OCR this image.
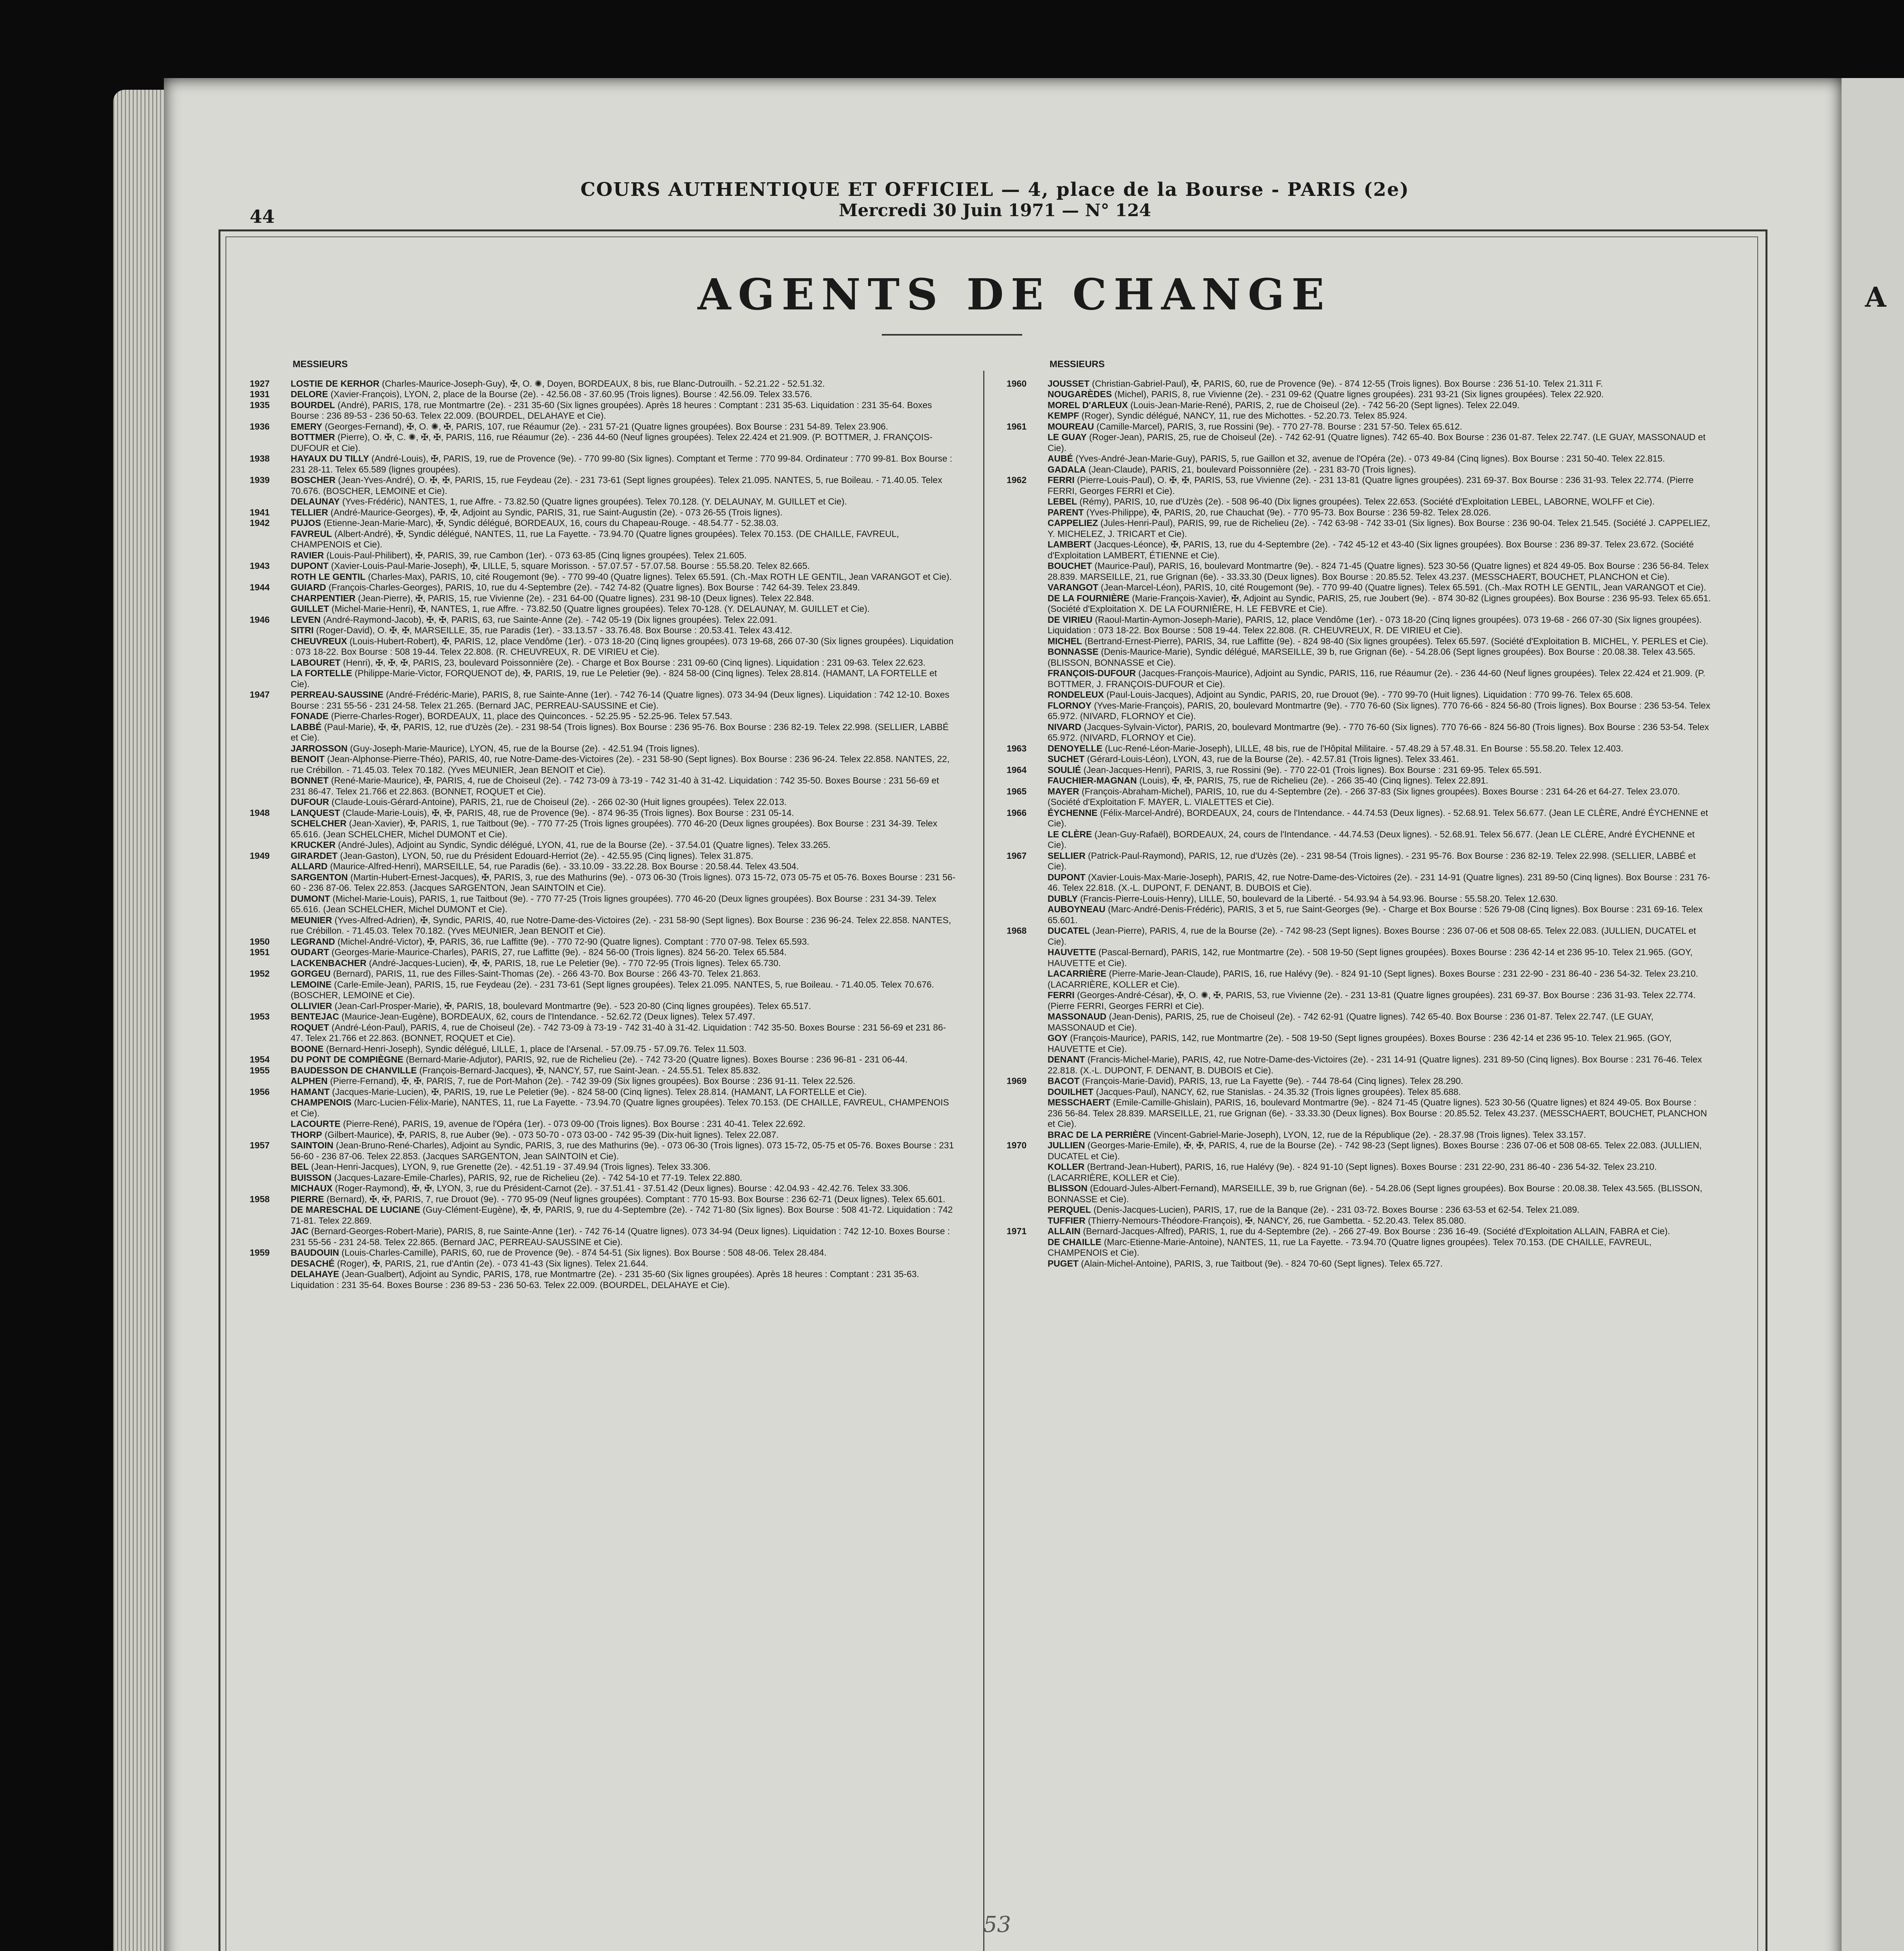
A
44
COURS AUTHENTIQUE ET OFFICIEL — 4, place de la Bourse - PARIS (2e)
Mercredi 30 Juin 1971 — N° 124
AGENTS DE CHANGE
MESSIEURS
1927	LOSTIE DE KERHOR (Charles-Maurice-Joseph-Guy), ✠, O. ✺, Doyen, BORDEAUX, 8 bis, rue Blanc-Dutrouilh. - 52.21.22 - 52.51.32.
1931	DELORE (Xavier-François), LYON, 2, place de la Bourse (2e). - 42.56.08 - 37.60.95 (Trois lignes). Bourse : 42.56.09. Telex 33.576.
1935	BOURDEL (André), PARIS, 178, rue Montmartre (2e). - 231 35-60 (Six lignes groupées). Après 18 heures : Comptant : 231 35-63. Liquidation : 231 35-64. Boxes Bourse : 236 89-53 - 236 50-63. Telex 22.009. (BOURDEL, DELAHAYE et Cie).
1936	EMERY (Georges-Fernand), ✠, O. ✺, ✠, PARIS, 107, rue Réaumur (2e). - 231 57-21 (Quatre lignes groupées). Box Bourse : 231 54-89. Telex 23.906.
BOTTMER (Pierre), O. ✠, C. ✺, ✠, ✠, PARIS, 116, rue Réaumur (2e). - 236 44-60 (Neuf lignes groupées). Telex 22.424 et 21.909. (P. BOTTMER, J. FRANÇOIS-DUFOUR et Cie).
1938	HAYAUX DU TILLY (André-Louis), ✠, PARIS, 19, rue de Provence (9e). - 770 99-80 (Six lignes). Comptant et Terme : 770 99-84. Ordinateur : 770 99-81. Box Bourse : 231 28-11. Telex 65.589 (lignes groupées).
1939	BOSCHER (Jean-Yves-André), O. ✠, ✠, PARIS, 15, rue Feydeau (2e). - 231 73-61 (Sept lignes groupées). Telex 21.095. NANTES, 5, rue Boileau. - 71.40.05. Telex 70.676. (BOSCHER, LEMOINE et Cie).
DELAUNAY (Yves-Frédéric), NANTES, 1, rue Affre. - 73.82.50 (Quatre lignes groupées). Telex 70.128. (Y. DELAUNAY, M. GUILLET et Cie).
1941	TELLIER (André-Maurice-Georges), ✠, ✠, Adjoint au Syndic, PARIS, 31, rue Saint-Augustin (2e). - 073 26-55 (Trois lignes).
1942	PUJOS (Etienne-Jean-Marie-Marc), ✠, Syndic délégué, BORDEAUX, 16, cours du Chapeau-Rouge. - 48.54.77 - 52.38.03.
FAVREUL (Albert-André), ✠, Syndic délégué, NANTES, 11, rue La Fayette. - 73.94.70 (Quatre lignes groupées). Telex 70.153. (DE CHAILLE, FAVREUL, CHAMPENOIS et Cie).
RAVIER (Louis-Paul-Philibert), ✠, PARIS, 39, rue Cambon (1er). - 073 63-85 (Cinq lignes groupées). Telex 21.605.
1943	DUPONT (Xavier-Louis-Paul-Marie-Joseph), ✠, LILLE, 5, square Morisson. - 57.07.57 - 57.07.58. Bourse : 55.58.20. Telex 82.665.
ROTH LE GENTIL (Charles-Max), PARIS, 10, cité Rougemont (9e). - 770 99-40 (Quatre lignes). Telex 65.591. (Ch.-Max ROTH LE GENTIL, Jean VARANGOT et Cie).
1944	GUIARD (François-Charles-Georges), PARIS, 10, rue du 4-Septembre (2e). - 742 74-82 (Quatre lignes). Box Bourse : 742 64-39. Telex 23.849.
CHARPENTIER (Jean-Pierre), ✠, PARIS, 15, rue Vivienne (2e). - 231 64-00 (Quatre lignes). 231 98-10 (Deux lignes). Telex 22.848.
GUILLET (Michel-Marie-Henri), ✠, NANTES, 1, rue Affre. - 73.82.50 (Quatre lignes groupées). Telex 70-128. (Y. DELAUNAY, M. GUILLET et Cie).
1946	LEVEN (André-Raymond-Jacob), ✠, ✠, PARIS, 63, rue Sainte-Anne (2e). - 742 05-19 (Dix lignes groupées). Telex 22.091.
SITRI (Roger-David), O. ✠, ✠, MARSEILLE, 35, rue Paradis (1er). - 33.13.57 - 33.76.48. Box Bourse : 20.53.41. Telex 43.412.
CHEUVREUX (Louis-Hubert-Robert), ✠, PARIS, 12, place Vendôme (1er). - 073 18-20 (Cinq lignes groupées). 073 19-68, 266 07-30 (Six lignes groupées). Liquidation : 073 18-22. Box Bourse : 508 19-44. Telex 22.808. (R. CHEUVREUX, R. DE VIRIEU et Cie).
LABOURET (Henri), ✠, ✠, ✠, PARIS, 23, boulevard Poissonnière (2e). - Charge et Box Bourse : 231 09-60 (Cinq lignes). Liquidation : 231 09-63. Telex 22.623.
LA FORTELLE (Philippe-Marie-Victor, FORQUENOT de), ✠, PARIS, 19, rue Le Peletier (9e). - 824 58-00 (Cinq lignes). Telex 28.814. (HAMANT, LA FORTELLE et Cie).
1947	PERREAU-SAUSSINE (André-Frédéric-Marie), PARIS, 8, rue Sainte-Anne (1er). - 742 76-14 (Quatre lignes). 073 34-94 (Deux lignes). Liquidation : 742 12-10. Boxes Bourse : 231 55-56 - 231 24-58. Telex 21.265. (Bernard JAC, PERREAU-SAUSSINE et Cie).
FONADE (Pierre-Charles-Roger), BORDEAUX, 11, place des Quinconces. - 52.25.95 - 52.25-96. Telex 57.543.
LABBÉ (Paul-Marie), ✠, ✠, PARIS, 12, rue d'Uzès (2e). - 231 98-54 (Trois lignes). Box Bourse : 236 95-76. Box Bourse : 236 82-19. Telex 22.998. (SELLIER, LABBÉ et Cie).
JARROSSON (Guy-Joseph-Marie-Maurice), LYON, 45, rue de la Bourse (2e). - 42.51.94 (Trois lignes).
BENOIT (Jean-Alphonse-Pierre-Théo), PARIS, 40, rue Notre-Dame-des-Victoires (2e). - 231 58-90 (Sept lignes). Box Bourse : 236 96-24. Telex 22.858. NANTES, 22, rue Crébillon. - 71.45.03. Telex 70.182. (Yves MEUNIER, Jean BENOIT et Cie).
BONNET (René-Marie-Maurice), ✠, PARIS, 4, rue de Choiseul (2e). - 742 73-09 à 73-19 - 742 31-40 à 31-42. Liquidation : 742 35-50. Boxes Bourse : 231 56-69 et 231 86-47. Telex 21.766 et 22.863. (BONNET, ROQUET et Cie).
DUFOUR (Claude-Louis-Gérard-Antoine), PARIS, 21, rue de Choiseul (2e). - 266 02-30 (Huit lignes groupées). Telex 22.013.
1948	LANQUEST (Claude-Marie-Louis), ✠, ✠, PARIS, 48, rue de Provence (9e). - 874 96-35 (Trois lignes). Box Bourse : 231 05-14.
SCHELCHER (Jean-Xavier), ✠, PARIS, 1, rue Taitbout (9e). - 770 77-25 (Trois lignes groupées). 770 46-20 (Deux lignes groupées). Box Bourse : 231 34-39. Telex 65.616. (Jean SCHELCHER, Michel DUMONT et Cie).
KRUCKER (André-Jules), Adjoint au Syndic, Syndic délégué, LYON, 41, rue de la Bourse (2e). - 37.54.01 (Quatre lignes). Telex 33.265.
1949	GIRARDET (Jean-Gaston), LYON, 50, rue du Président Edouard-Herriot (2e). - 42.55.95 (Cinq lignes). Telex 31.875.
ALLARD (Maurice-Alfred-Henri), MARSEILLE, 54, rue Paradis (6e). - 33.10.09 - 33.22.28. Box Bourse : 20.58.44. Telex 43.504.
SARGENTON (Martin-Hubert-Ernest-Jacques), ✠, PARIS, 3, rue des Mathurins (9e). - 073 06-30 (Trois lignes). 073 15-72, 073 05-75 et 05-76. Boxes Bourse : 231 56-60 - 236 87-06. Telex 22.853. (Jacques SARGENTON, Jean SAINTOIN et Cie).
DUMONT (Michel-Marie-Louis), PARIS, 1, rue Taitbout (9e). - 770 77-25 (Trois lignes groupées). 770 46-20 (Deux lignes groupées). Box Bourse : 231 34-39. Telex 65.616. (Jean SCHELCHER, Michel DUMONT et Cie).
MEUNIER (Yves-Alfred-Adrien), ✠, Syndic, PARIS, 40, rue Notre-Dame-des-Victoires (2e). - 231 58-90 (Sept lignes). Box Bourse : 236 96-24. Telex 22.858. NANTES, rue Crébillon. - 71.45.03. Telex 70.182. (Yves MEUNIER, Jean BENOIT et Cie).
1950	LEGRAND (Michel-André-Victor), ✠, PARIS, 36, rue Laffitte (9e). - 770 72-90 (Quatre lignes). Comptant : 770 07-98. Telex 65.593.
1951	OUDART (Georges-Marie-Maurice-Charles), PARIS, 27, rue Laffitte (9e). - 824 56-00 (Trois lignes). 824 56-20. Telex 65.584.
LACKENBACHER (André-Jacques-Lucien), ✠, ✠, PARIS, 18, rue Le Peletier (9e). - 770 72-95 (Trois lignes). Telex 65.730.
1952	GORGEU (Bernard), PARIS, 11, rue des Filles-Saint-Thomas (2e). - 266 43-70. Box Bourse : 266 43-70. Telex 21.863.
LEMOINE (Carle-Emile-Jean), PARIS, 15, rue Feydeau (2e). - 231 73-61 (Sept lignes groupées). Telex 21.095. NANTES, 5, rue Boileau. - 71.40.05. Telex 70.676. (BOSCHER, LEMOINE et Cie).
OLLIVIER (Jean-Carl-Prosper-Marie), ✠, PARIS, 18, boulevard Montmartre (9e). - 523 20-80 (Cinq lignes groupées). Telex 65.517.
1953	BENTEJAC (Maurice-Jean-Eugène), BORDEAUX, 62, cours de l'Intendance. - 52.62.72 (Deux lignes). Telex 57.497.
ROQUET (André-Léon-Paul), PARIS, 4, rue de Choiseul (2e). - 742 73-09 à 73-19 - 742 31-40 à 31-42. Liquidation : 742 35-50. Boxes Bourse : 231 56-69 et 231 86-47. Telex 21.766 et 22.863. (BONNET, ROQUET et Cie).
BOONE (Bernard-Henri-Joseph), Syndic délégué, LILLE, 1, place de l'Arsenal. - 57.09.75 - 57.09.76. Telex 11.503.
1954	DU PONT DE COMPIÈGNE (Bernard-Marie-Adjutor), PARIS, 92, rue de Richelieu (2e). - 742 73-20 (Quatre lignes). Boxes Bourse : 236 96-81 - 231 06-44.
1955	BAUDESSON DE CHANVILLE (François-Bernard-Jacques), ✠, NANCY, 57, rue Saint-Jean. - 24.55.51. Telex 85.832.
ALPHEN (Pierre-Fernand), ✠, ✠, PARIS, 7, rue de Port-Mahon (2e). - 742 39-09 (Six lignes groupées). Box Bourse : 236 91-11. Telex 22.526.
1956	HAMANT (Jacques-Marie-Lucien), ✠, PARIS, 19, rue Le Peletier (9e). - 824 58-00 (Cinq lignes). Telex 28.814. (HAMANT, LA FORTELLE et Cie).
CHAMPENOIS (Marc-Lucien-Félix-Marie), NANTES, 11, rue La Fayette. - 73.94.70 (Quatre lignes groupées). Telex 70.153. (DE CHAILLE, FAVREUL, CHAMPENOIS et Cie).
LACOURTE (Pierre-René), PARIS, 19, avenue de l'Opéra (1er). - 073 09-00 (Trois lignes). Box Bourse : 231 40-41. Telex 22.692.
THORP (Gilbert-Maurice), ✠, PARIS, 8, rue Auber (9e). - 073 50-70 - 073 03-00 - 742 95-39 (Dix-huit lignes). Telex 22.087.
1957	SAINTOIN (Jean-Bruno-René-Charles), Adjoint au Syndic, PARIS, 3, rue des Mathurins (9e). - 073 06-30 (Trois lignes). 073 15-72, 05-75 et 05-76. Boxes Bourse : 231 56-60 - 236 87-06. Telex 22.853. (Jacques SARGENTON, Jean SAINTOIN et Cie).
BEL (Jean-Henri-Jacques), LYON, 9, rue Grenette (2e). - 42.51.19 - 37.49.94 (Trois lignes). Telex 33.306.
BUISSON (Jacques-Lazare-Emile-Charles), PARIS, 92, rue de Richelieu (2e). - 742 54-10 et 77-19. Telex 22.880.
MICHAUX (Roger-Raymond), ✠, ✠, LYON, 3, rue du Président-Carnot (2e). - 37.51.41 - 37.51.42 (Deux lignes). Bourse : 42.04.93 - 42.42.76. Telex 33.306.
1958	PIERRE (Bernard), ✠, ✠, PARIS, 7, rue Drouot (9e). - 770 95-09 (Neuf lignes groupées). Comptant : 770 15-93. Box Bourse : 236 62-71 (Deux lignes). Telex 65.601.
DE MARESCHAL DE LUCIANE (Guy-Clément-Eugène), ✠, ✠, PARIS, 9, rue du 4-Septembre (2e). - 742 71-80 (Six lignes). Box Bourse : 508 41-72. Liquidation : 742 71-81. Telex 22.869.
JAC (Bernard-Georges-Robert-Marie), PARIS, 8, rue Sainte-Anne (1er). - 742 76-14 (Quatre lignes). 073 34-94 (Deux lignes). Liquidation : 742 12-10. Boxes Bourse : 231 55-56 - 231 24-58. Telex 22.865. (Bernard JAC, PERREAU-SAUSSINE et Cie).
1959	BAUDOUIN (Louis-Charles-Camille), PARIS, 60, rue de Provence (9e). - 874 54-51 (Six lignes). Box Bourse : 508 48-06. Telex 28.484.
DESACHÉ (Roger), ✠, PARIS, 21, rue d'Antin (2e). - 073 41-43 (Six lignes). Telex 21.644.
DELAHAYE (Jean-Gualbert), Adjoint au Syndic, PARIS, 178, rue Montmartre (2e). - 231 35-60 (Six lignes groupées). Après 18 heures : Comptant : 231 35-63. Liquidation : 231 35-64. Boxes Bourse : 236 89-53 - 236 50-63. Telex 22.009. (BOURDEL, DELAHAYE et Cie).
MESSIEURS
1960	JOUSSET (Christian-Gabriel-Paul), ✠, PARIS, 60, rue de Provence (9e). - 874 12-55 (Trois lignes). Box Bourse : 236 51-10. Telex 21.311 F.
NOUGARÈDES (Michel), PARIS, 8, rue Vivienne (2e). - 231 09-62 (Quatre lignes groupées). 231 93-21 (Six lignes groupées). Telex 22.920.
MOREL D'ARLEUX (Louis-Jean-Marie-René), PARIS, 2, rue de Choiseul (2e). - 742 56-20 (Sept lignes). Telex 22.049.
KEMPF (Roger), Syndic délégué, NANCY, 11, rue des Michottes. - 52.20.73. Telex 85.924.
1961	MOUREAU (Camille-Marcel), PARIS, 3, rue Rossini (9e). - 770 27-78. Bourse : 231 57-50. Telex 65.612.
LE GUAY (Roger-Jean), PARIS, 25, rue de Choiseul (2e). - 742 62-91 (Quatre lignes). 742 65-40. Box Bourse : 236 01-87. Telex 22.747. (LE GUAY, MASSONAUD et Cie).
AUBÉ (Yves-André-Jean-Marie-Guy), PARIS, 5, rue Gaillon et 32, avenue de l'Opéra (2e). - 073 49-84 (Cinq lignes). Box Bourse : 231 50-40. Telex 22.815.
GADALA (Jean-Claude), PARIS, 21, boulevard Poissonnière (2e). - 231 83-70 (Trois lignes).
1962	FERRI (Pierre-Louis-Paul), O. ✠, ✠, PARIS, 53, rue Vivienne (2e). - 231 13-81 (Quatre lignes groupées). 231 69-37. Box Bourse : 236 31-93. Telex 22.774. (Pierre FERRI, Georges FERRI et Cie).
LEBEL (Rémy), PARIS, 10, rue d'Uzès (2e). - 508 96-40 (Dix lignes groupées). Telex 22.653. (Société d'Exploitation LEBEL, LABORNE, WOLFF et Cie).
PARENT (Yves-Philippe), ✠, PARIS, 20, rue Chauchat (9e). - 770 95-73. Box Bourse : 236 59-82. Telex 28.026.
CAPPELIEZ (Jules-Henri-Paul), PARIS, 99, rue de Richelieu (2e). - 742 63-98 - 742 33-01 (Six lignes). Box Bourse : 236 90-04. Telex 21.545. (Société J. CAPPELIEZ, Y. MICHELEZ, J. TRICART et Cie).
LAMBERT (Jacques-Léonce), ✠, PARIS, 13, rue du 4-Septembre (2e). - 742 45-12 et 43-40 (Six lignes groupées). Box Bourse : 236 89-37. Telex 23.672. (Société d'Exploitation LAMBERT, ÉTIENNE et Cie).
BOUCHET (Maurice-Paul), PARIS, 16, boulevard Montmartre (9e). - 824 71-45 (Quatre lignes). 523 30-56 (Quatre lignes) et 824 49-05. Box Bourse : 236 56-84. Telex 28.839. MARSEILLE, 21, rue Grignan (6e). - 33.33.30 (Deux lignes). Box Bourse : 20.85.52. Telex 43.237. (MESSCHAERT, BOUCHET, PLANCHON et Cie).
VARANGOT (Jean-Marcel-Léon), PARIS, 10, cité Rougemont (9e). - 770 99-40 (Quatre lignes). Telex 65.591. (Ch.-Max ROTH LE GENTIL, Jean VARANGOT et Cie).
DE LA FOURNIÈRE (Marie-François-Xavier), ✠, Adjoint au Syndic, PARIS, 25, rue Joubert (9e). - 874 30-82 (Lignes groupées). Box Bourse : 236 95-93. Telex 65.651. (Société d'Exploitation X. DE LA FOURNIÈRE, H. LE FEBVRE et Cie).
DE VIRIEU (Raoul-Martin-Aymon-Joseph-Marie), PARIS, 12, place Vendôme (1er). - 073 18-20 (Cinq lignes groupées). 073 19-68 - 266 07-30 (Six lignes groupées). Liquidation : 073 18-22. Box Bourse : 508 19-44. Telex 22.808. (R. CHEUVREUX, R. DE VIRIEU et Cie).
MICHEL (Bertrand-Ernest-Pierre), PARIS, 34, rue Laffitte (9e). - 824 98-40 (Six lignes groupées). Telex 65.597. (Société d'Exploitation B. MICHEL, Y. PERLES et Cie).
BONNASSE (Denis-Maurice-Marie), Syndic délégué, MARSEILLE, 39 b, rue Grignan (6e). - 54.28.06 (Sept lignes groupées). Box Bourse : 20.08.38. Telex 43.565. (BLISSON, BONNASSE et Cie).
FRANÇOIS-DUFOUR (Jacques-François-Maurice), Adjoint au Syndic, PARIS, 116, rue Réaumur (2e). - 236 44-60 (Neuf lignes groupées). Telex 22.424 et 21.909. (P. BOTTMER, J. FRANÇOIS-DUFOUR et Cie).
RONDELEUX (Paul-Louis-Jacques), Adjoint au Syndic, PARIS, 20, rue Drouot (9e). - 770 99-70 (Huit lignes). Liquidation : 770 99-76. Telex 65.608.
FLORNOY (Yves-Marie-François), PARIS, 20, boulevard Montmartre (9e). - 770 76-60 (Six lignes). 770 76-66 - 824 56-80 (Trois lignes). Box Bourse : 236 53-54. Telex 65.972. (NIVARD, FLORNOY et Cie).
NIVARD (Jacques-Sylvain-Victor), PARIS, 20, boulevard Montmartre (9e). - 770 76-60 (Six lignes). 770 76-66 - 824 56-80 (Trois lignes). Box Bourse : 236 53-54. Telex 65.972. (NIVARD, FLORNOY et Cie).
1963	DENOYELLE (Luc-René-Léon-Marie-Joseph), LILLE, 48 bis, rue de l'Hôpital Militaire. - 57.48.29 à 57.48.31. En Bourse : 55.58.20. Telex 12.403.
SUCHET (Gérard-Louis-Léon), LYON, 43, rue de la Bourse (2e). - 42.57.81 (Trois lignes). Telex 33.461.
1964	SOULIÉ (Jean-Jacques-Henri), PARIS, 3, rue Rossini (9e). - 770 22-01 (Trois lignes). Box Bourse : 231 69-95. Telex 65.591.
FAUCHIER-MAGNAN (Louis), ✠, ✠, PARIS, 75, rue de Richelieu (2e). - 266 35-40 (Cinq lignes). Telex 22.891.
1965	MAYER (François-Abraham-Michel), PARIS, 10, rue du 4-Septembre (2e). - 266 37-83 (Six lignes groupées). Boxes Bourse : 231 64-26 et 64-27. Telex 23.070. (Société d'Exploitation F. MAYER, L. VIALETTES et Cie).
1966	ÉYCHENNE (Félix-Marcel-André), BORDEAUX, 24, cours de l'Intendance. - 44.74.53 (Deux lignes). - 52.68.91. Telex 56.677. (Jean LE CLÈRE, André ÉYCHENNE et Cie).
LE CLÈRE (Jean-Guy-Rafaël), BORDEAUX, 24, cours de l'Intendance. - 44.74.53 (Deux lignes). - 52.68.91. Telex 56.677. (Jean LE CLÈRE, André ÉYCHENNE et Cie).
1967	SELLIER (Patrick-Paul-Raymond), PARIS, 12, rue d'Uzès (2e). - 231 98-54 (Trois lignes). - 231 95-76. Box Bourse : 236 82-19. Telex 22.998. (SELLIER, LABBÉ et Cie).
DUPONT (Xavier-Louis-Max-Marie-Joseph), PARIS, 42, rue Notre-Dame-des-Victoires (2e). - 231 14-91 (Quatre lignes). 231 89-50 (Cinq lignes). Box Bourse : 231 76-46. Telex 22.818. (X.-L. DUPONT, F. DENANT, B. DUBOIS et Cie).
DUBLY (Francis-Pierre-Louis-Henry), LILLE, 50, boulevard de la Liberté. - 54.93.94 à 54.93.96. Bourse : 55.58.20. Telex 12.630.
AUBOYNEAU (Marc-André-Denis-Frédéric), PARIS, 3 et 5, rue Saint-Georges (9e). - Charge et Box Bourse : 526 79-08 (Cinq lignes). Box Bourse : 231 69-16. Telex 65.601.
1968	DUCATEL (Jean-Pierre), PARIS, 4, rue de la Bourse (2e). - 742 98-23 (Sept lignes). Boxes Bourse : 236 07-06 et 508 08-65. Telex 22.083. (JULLIEN, DUCATEL et Cie).
HAUVETTE (Pascal-Bernard), PARIS, 142, rue Montmartre (2e). - 508 19-50 (Sept lignes groupées). Boxes Bourse : 236 42-14 et 236 95-10. Telex 21.965. (GOY, HAUVETTE et Cie).
LACARRIÈRE (Pierre-Marie-Jean-Claude), PARIS, 16, rue Halévy (9e). - 824 91-10 (Sept lignes). Boxes Bourse : 231 22-90 - 231 86-40 - 236 54-32. Telex 23.210. (LACARRIÈRE, KOLLER et Cie).
FERRI (Georges-André-César), ✠, O. ✺, ✠, PARIS, 53, rue Vivienne (2e). - 231 13-81 (Quatre lignes groupées). 231 69-37. Box Bourse : 236 31-93. Telex 22.774. (Pierre FERRI, Georges FERRI et Cie).
MASSONAUD (Jean-Denis), PARIS, 25, rue de Choiseul (2e). - 742 62-91 (Quatre lignes). 742 65-40. Box Bourse : 236 01-87. Telex 22.747. (LE GUAY, MASSONAUD et Cie).
GOY (François-Maurice), PARIS, 142, rue Montmartre (2e). - 508 19-50 (Sept lignes groupées). Boxes Bourse : 236 42-14 et 236 95-10. Telex 21.965. (GOY, HAUVETTE et Cie).
DENANT (Francis-Michel-Marie), PARIS, 42, rue Notre-Dame-des-Victoires (2e). - 231 14-91 (Quatre lignes). 231 89-50 (Cinq lignes). Box Bourse : 231 76-46. Telex 22.818. (X.-L. DUPONT, F. DENANT, B. DUBOIS et Cie).
1969	BACOT (François-Marie-David), PARIS, 13, rue La Fayette (9e). - 744 78-64 (Cinq lignes). Telex 28.290.
DOUILHET (Jacques-Paul), NANCY, 62, rue Stanislas. - 24.35.32 (Trois lignes groupées). Telex 85.688.
MESSCHAERT (Emile-Camille-Ghislain), PARIS, 16, boulevard Montmartre (9e). - 824 71-45 (Quatre lignes). 523 30-56 (Quatre lignes) et 824 49-05. Box Bourse : 236 56-84. Telex 28.839. MARSEILLE, 21, rue Grignan (6e). - 33.33.30 (Deux lignes). Box Bourse : 20.85.52. Telex 43.237. (MESSCHAERT, BOUCHET, PLANCHON et Cie).
BRAC DE LA PERRIÈRE (Vincent-Gabriel-Marie-Joseph), LYON, 12, rue de la République (2e). - 28.37.98 (Trois lignes). Telex 33.157.
1970	JULLIEN (Georges-Marie-Emile), ✠, ✠, PARIS, 4, rue de la Bourse (2e). - 742 98-23 (Sept lignes). Boxes Bourse : 236 07-06 et 508 08-65. Telex 22.083. (JULLIEN, DUCATEL et Cie).
KOLLER (Bertrand-Jean-Hubert), PARIS, 16, rue Halévy (9e). - 824 91-10 (Sept lignes). Boxes Bourse : 231 22-90, 231 86-40 - 236 54-32. Telex 23.210. (LACARRIÈRE, KOLLER et Cie).
BLISSON (Edouard-Jules-Albert-Fernand), MARSEILLE, 39 b, rue Grignan (6e). - 54.28.06 (Sept lignes groupées). Box Bourse : 20.08.38. Telex 43.565. (BLISSON, BONNASSE et Cie).
PERQUEL (Denis-Jacques-Lucien), PARIS, 17, rue de la Banque (2e). - 231 03-72. Boxes Bourse : 236 63-53 et 62-54. Telex 21.089.
TUFFIER (Thierry-Nemours-Théodore-François), ✠, NANCY, 26, rue Gambetta. - 52.20.43. Telex 85.080.
1971	ALLAIN (Bernard-Jacques-Alfred), PARIS, 1, rue du 4-Septembre (2e). - 266 27-49. Box Bourse : 236 16-49. (Société d'Exploitation ALLAIN, FABRA et Cie).
DE CHAILLE (Marc-Etienne-Marie-Antoine), NANTES, 11, rue La Fayette. - 73.94.70 (Quatre lignes groupées). Telex 70.153. (DE CHAILLE, FAVREUL, CHAMPENOIS et Cie).
PUGET (Alain-Michel-Antoine), PARIS, 3, rue Taitbout (9e). - 824 70-60 (Sept lignes). Telex 65.727.
53
